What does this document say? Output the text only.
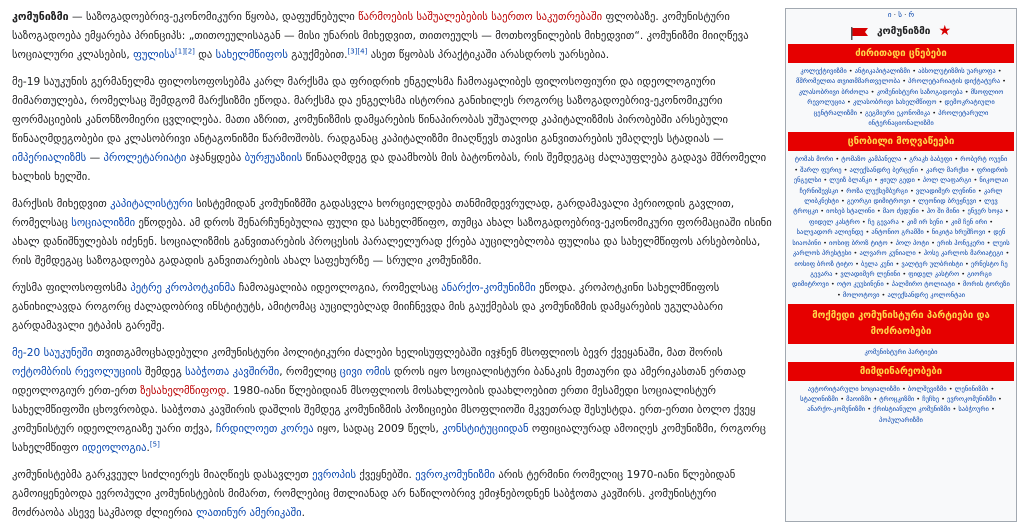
კომუნიზმი — საზოგადოებრივ-ეკონომიკური წყობა, დაფუძნებული წარმოების საშუალებების საერთო საკუთრებაში ფლობაზე. კომუნისტური საზოგადოება ემყარება პრინციპს: „თითოეულისაგან — მისი უნარის მიხედვით, თითოეულს — მოთხოვნილების მიხედვით“. კომუნიზმი მიიღწევა სოციალური კლასების, ფულისა[1][2] და სახელმწიფოს გაუქმებით.[3][4] ასეთ წყობას პრაქტიკაში არასდროს უარსებია.

მე-19 საუკუნის გერმანელმა ფილოსოფოსებმა კარლ მარქსმა და ფრიდრიხ ენგელსმა ჩამოაყალიბეს ფილოსოფიური და იდეოლოგიური მიმართულება, რომელსაც შემდგომ მარქსიზმი ეწოდა. მარქსმა და ენგელსმა ისტორია განიხილეს როგორც საზოგადოებრივ-ეკონომიკური ფორმაციების კანონზომიერი ცვლილება. მათი აზრით, კომუნიზმის დამყარების წინაპირობას უშუალოდ კაპიტალიზმის პირობებში არსებული წინააღმდეგობები და კლასობრივი ანტაგონიზმი წარმოშობს. რადგანაც კაპიტალიზმი მიაღწევს თავისი განვითარების უმაღლეს სტადიას — იმპერიალიზმს — პროლეტარიატი აჯანყდება ბურჟუაზიის წინააღმდეგ და დაამხობს მის ბატონობას, რის შემდეგაც ძალაუფლება გადავა მშრომელი ხალხის ხელში.

მარქსის მიხედვით კაპიტალისტური სისტემიდან კომუნიზმში გადასვლა ხორციელდება თანმიმდევრულად, გარდამავალი პერიოდის გავლით, რომელსაც სოციალიზმი ეწოდება. ამ დროს შენარჩუნებულია ფული და სახელმწიფო, თუმცა ახალ საზოგადოებრივ-ეკონომიკური ფორმაციაში ისინი ახალ დანიშნულებას იძენენ. სოციალიზმის განვითარების პროცესის პარალელურად ქრება აუცილებლობა ფულისა და სახელმწიფოს არსებობისა, რის შემდეგაც საზოგადოება გადადის განვითარების ახალ საფეხურზე — სრული კომუნიზმი.

რუსმა ფილოსოფოსმა პეტრე კროპოტკინმა ჩამოაყალიბა იდეოლოგია, რომელსაც ანარქო-კომუნიზმი ეწოდა. კროპოტკინი სახელმწიფოს განიხილავდა როგორც ძალადობრივ ინსტიტუტს, ამიტომაც აუცილებლად მიიჩნევდა მის გაუქმებას და კომუნიზმის დამყარების უგულაბარი გარდამავალი ეტაპის გარეშე.

მე-20 საუკუნეში თვითგამოცხადებული კომუნისტური პოლიტიკური ძალები ხელისუფლებაში ივჯნენ მსოფლიოს ბევრ ქვეყანაში, მათ შორის ოქტომბრის რევოლუციის შემდეგ საბჭოთა კავშირში, რომელიც ცივი ომის დროს იყო სოციალისტური ბანაკის მეთაური და ამერიკასთან ერთად იდეოლოგიურ ერთ-ერთ ზესახელმწიფოდ. 1980-იანი წლებიდიან მსოფლიოს მოსახლეობის დაახლოებით ერთი მესამედი სოციალისტურ სახელმწიფოში ცხოვრობდა. საბჭოთა კავშირის დაშლის შემდეგ კომუნიზმის პოზიციები მსოფლიოში მკვეთრად შესუსტდა. ერთ-ერთი ბოლო ქვეყ კომუნისტურ იდეოლოგიაზე უარი თქვა, ჩრდილოეთ კორეა იყო, სადაც 2009 წელს, კონსტიტუციიდან ოფიციალურად ამოიღეს კომუნიზმი, როგორც სახელმწიფო იდეოლოგია.[5]

კომუნისტებმა გარკვეულ სიძლიერეს მიაღწიეს დასავლეთ ევროპის ქვეყნებში. ევროკომუნიზმი არის ტერმინი რომელიც 1970-იანი წლებიდან გამოიყენებოდა ევროპული კომუნისტების მიმართ, რომლებიც მთლიანად არ ნაწილობრივ ემიჯნებოდნენ საბჭოთა კავშირს. კომუნისტური მოძრაობა ასევე საკმაოდ ძლიერია ლათინურ ამერიკაში.

ი · ს · რ
კომუნიზმი ★
ძირითადი ცნებები
კოლექტივიზმი • ანტიკაპიტალიზმი • აბსოლუტიზმის უარყოფა • მშრომელთა თვითმმართველობა • პროლეტარიატის დიქტატურა • კლასობრივი ბრძოლა • კომუნისტური საზოგადოება • მსოფლიო რევოლუცია • კლასობრივი სახელმწიფო • დემოკრატიული ცენტრალიზმი • გეგმიური ეკონომიკა • პროლეტარული ინტერნაციონალიზმი
ცნობილი მოღვაწეები
ტომას მორი • ტომაზო კამპანელა • გრაკხ ბაბეფი • რობერტ ოუენი • შარლ ფურიე • ალექსანდრე ბერცენი • კარლ მარქსი • ფრიდრიხ ენგელსი • ლუიზ ბლანკი • ჟიულ გედი • პოლ ლაფარგი • ნიკოლაი ჩერნიშევსკი • როზა ლუქსემბურგი • ვლადიმერ ლენინი • კარლ ლიბკნეხტი • გეორგი დიმიტროვი • ლეონიდ ბრეჟნევი • ლევ ტროცკი • იოსებ სტალინი • მაო ძედუნი • ჰო ში მინი • ენვერ ხოჯა • ფიდელ კასტრო • ჩე გევარა • კიმ ირ სენი • კიმ ჩენ ირი • სალვადორ ალიენდე • ანტონიო გრამში • ნიკიტა ხრუშჩოვი • დენ სიაოპინი • იოსიფ ბროზ ტიტო • პოლ პოტი • ერიხ ჰონეკერი • ლუის კარლოს პრესტესი • ალვარო კუნიალი • ჰოსე კარლოს მარიატეგი • იოსიფ ბროზ ტიტო • ბელა კუნი • ვალტერ ულბრიხტი • ერნესტო ჩე გევარა • ვლადიმერ ლენინი • ფიდელ კასტრო • გიორგი დიმიტროვი • ოტო კუუსინენი • პალმირო ტოლიატი • მორის ტორეზი • მოლოტოვი • ალექსანდრე კოლონტაი
მოქმედი კომუნისტური პარტიები და მოძრაობები
კომუნისტური პარტიები
მიმდინარეობები
ავტორიტარული სოციალიზმი • ბოლშევიზმი • ლენინიზმი • სტალინიზმი • მაოიზმი • ტროცკიზმი • ჩუჩხე • ევროკომუნიზმი • ანარქო-კომუნიზმი • ქრისტიანული კომუნიზმი • საბჭოური • პოპულარიზმი
